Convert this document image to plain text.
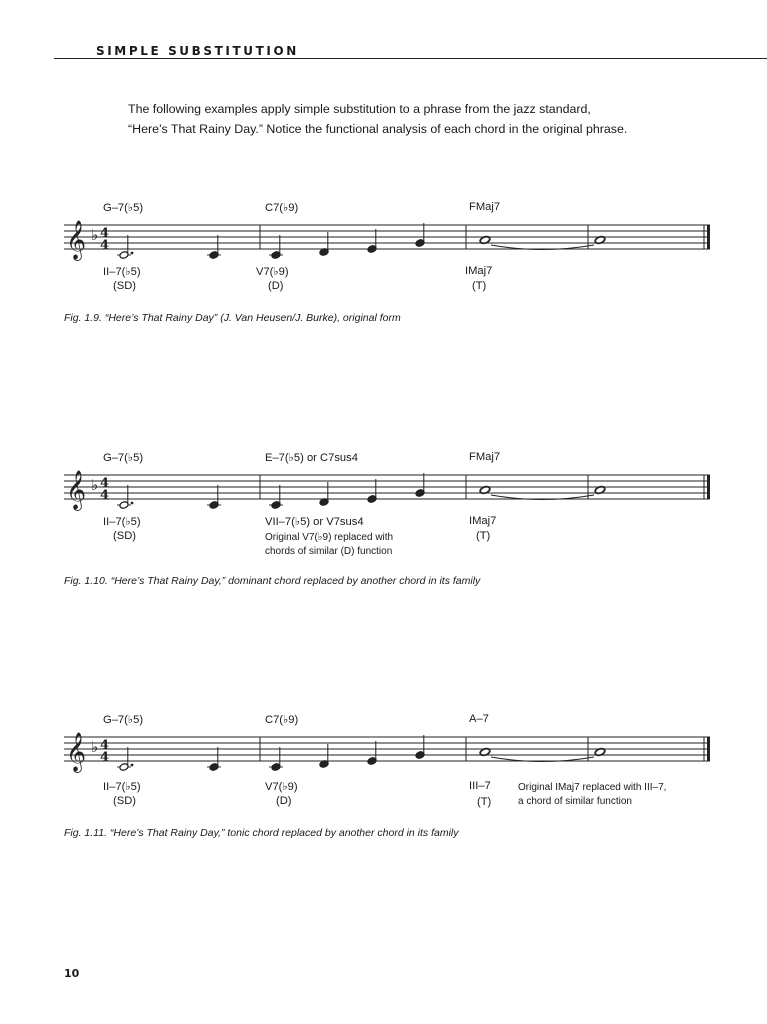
SIMPLE SUBSTITUTION
The following examples apply simple substitution to a phrase from the jazz standard, “Here’s That Rainy Day.” Notice the functional analysis of each chord in the original phrase.
G–7(♭5)	C7(♭9)	FMaj7
𝄞 ♭ 4
4
II–7(♭5)
(SD)
V7(♭9)
(D)
IMaj7
(T)
Fig. 1.9. “Here’s That Rainy Day” (J. Van Heusen/J. Burke), original form
G–7(♭5)	E–7(♭5) or C7sus4	FMaj7
𝄞 ♭ 4
4
II–7(♭5)
(SD)
VII–7(♭5) or V7sus4
Original V7(♭9) replaced with
chords of similar (D) function
IMaj7
(T)
Fig. 1.10. “Here’s That Rainy Day,” dominant chord replaced by another chord in its family
G–7(♭5)	C7(♭9)	A–7
𝄞 ♭ 4
4
II–7(♭5)
(SD)
V7(♭9)
(D)
III–7
(T)
Original IMaj7 replaced with III–7,
a chord of similar function
Fig. 1.11. “Here’s That Rainy Day,” tonic chord replaced by another chord in its family
10
